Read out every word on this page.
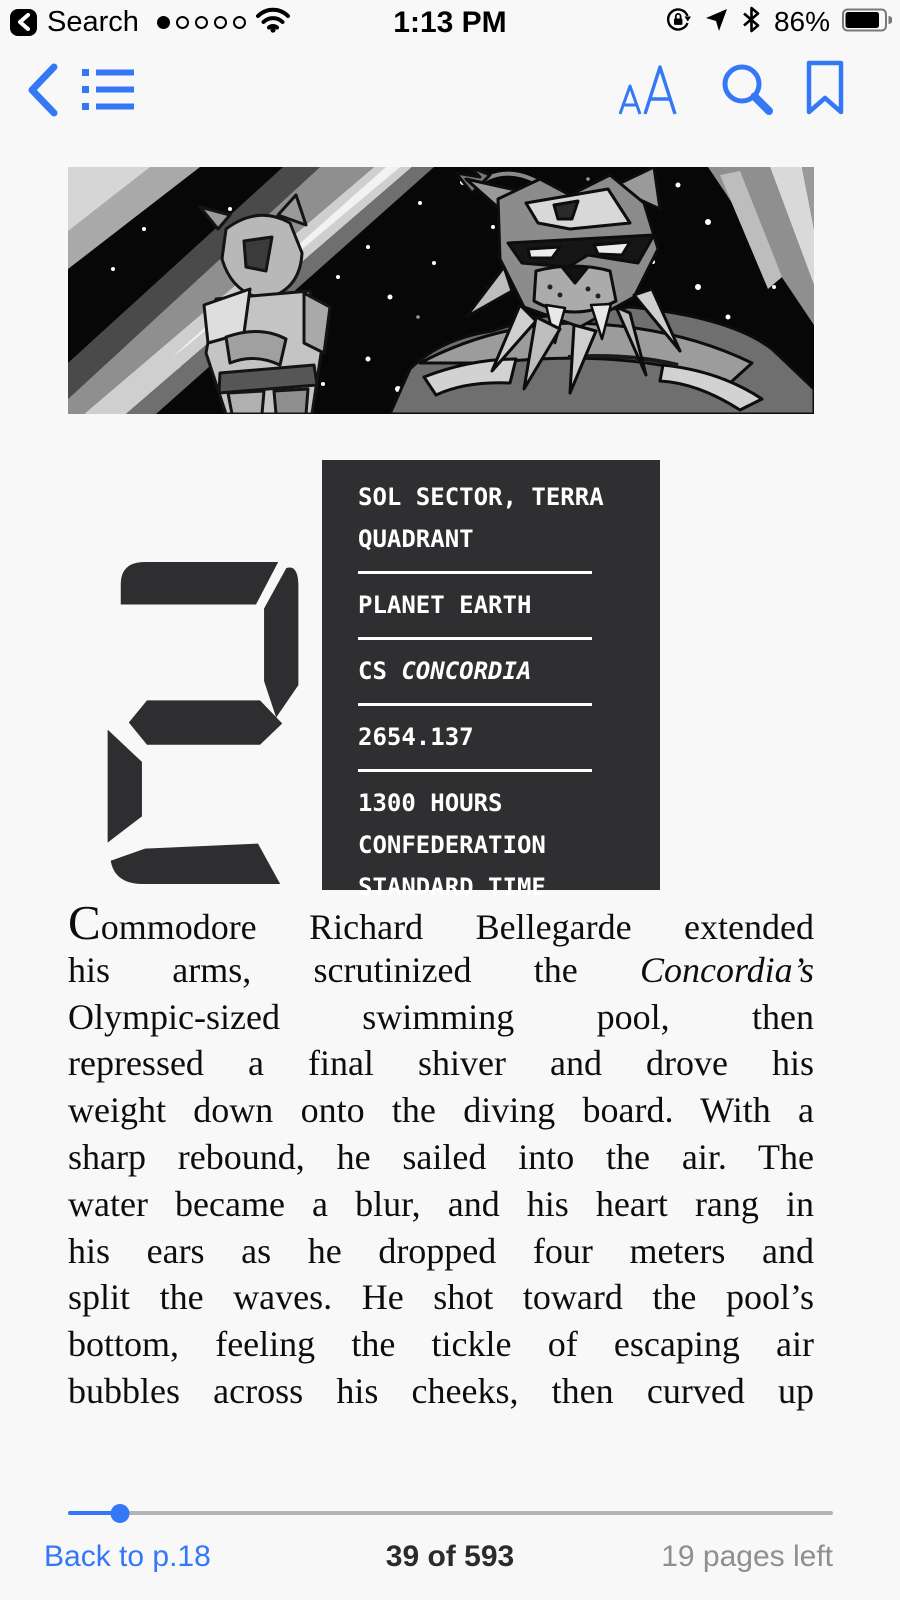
Search	1:13 PM	86%
SOL SECTOR, TERRA
QUADRANT
PLANET EARTH
CS CONCORDIA
2654.137
1300 HOURS
CONFEDERATION
STANDARD TIME
Commodore Richard Bellegarde extended
his arms, scrutinized the Concordia’s
Olympic-sized swimming pool, then
repressed a final shiver and drove his
weight down onto the diving board. With a
sharp rebound, he sailed into the air. The
water became a blur, and his heart rang in
his ears as he dropped four meters and
split the waves. He shot toward the pool’s
bottom, feeling the tickle of escaping air
bubbles across his cheeks, then curved up
Back to p.18	39 of 593	19 pages left
